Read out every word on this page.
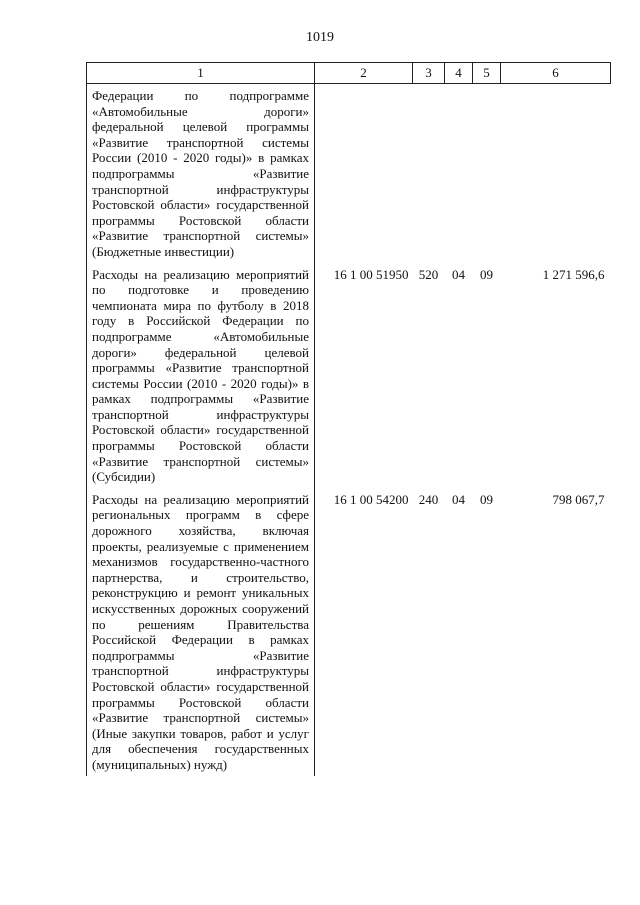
1019
1	2	3	4	5	6
Федерации по подпрограмме «Автомобильные дороги» федеральной целевой программы «Развитие транспортной системы России (2010 - 2020 годы)» в рамках подпрограммы «Развитие транспортной инфраструктуры Ростовской области» государственной программы Ростовской области «Развитие транспортной системы» (Бюджетные инвестиции)					
Расходы на реализацию мероприятий по подготовке и проведению чемпионата мира по футболу в 2018 году в Российской Федерации по подпрограмме «Автомобильные дороги» федеральной целевой программы «Развитие транспортной системы России (2010 - 2020 годы)» в рамках подпрограммы «Развитие транспортной инфраструктуры Ростовской области» государственной программы Ростовской области «Развитие транспортной системы» (Субсидии)	16 1 00 51950	520	04	09	1 271 596,6
Расходы на реализацию мероприятий региональных программ в сфере дорожного хозяйства, включая проекты, реализуемые с применением механизмов государственно-частного партнерства, и строительство, реконструкцию и ремонт уникальных искусственных дорожных сооружений по решениям Правительства Российской Федерации в рамках подпрограммы «Развитие транспортной инфраструктуры Ростовской области» государственной программы Ростовской области «Развитие транспортной системы» (Иные закупки товаров, работ и услуг для обеспечения государственных (муниципальных) нужд)	16 1 00 54200	240	04	09	798 067,7
